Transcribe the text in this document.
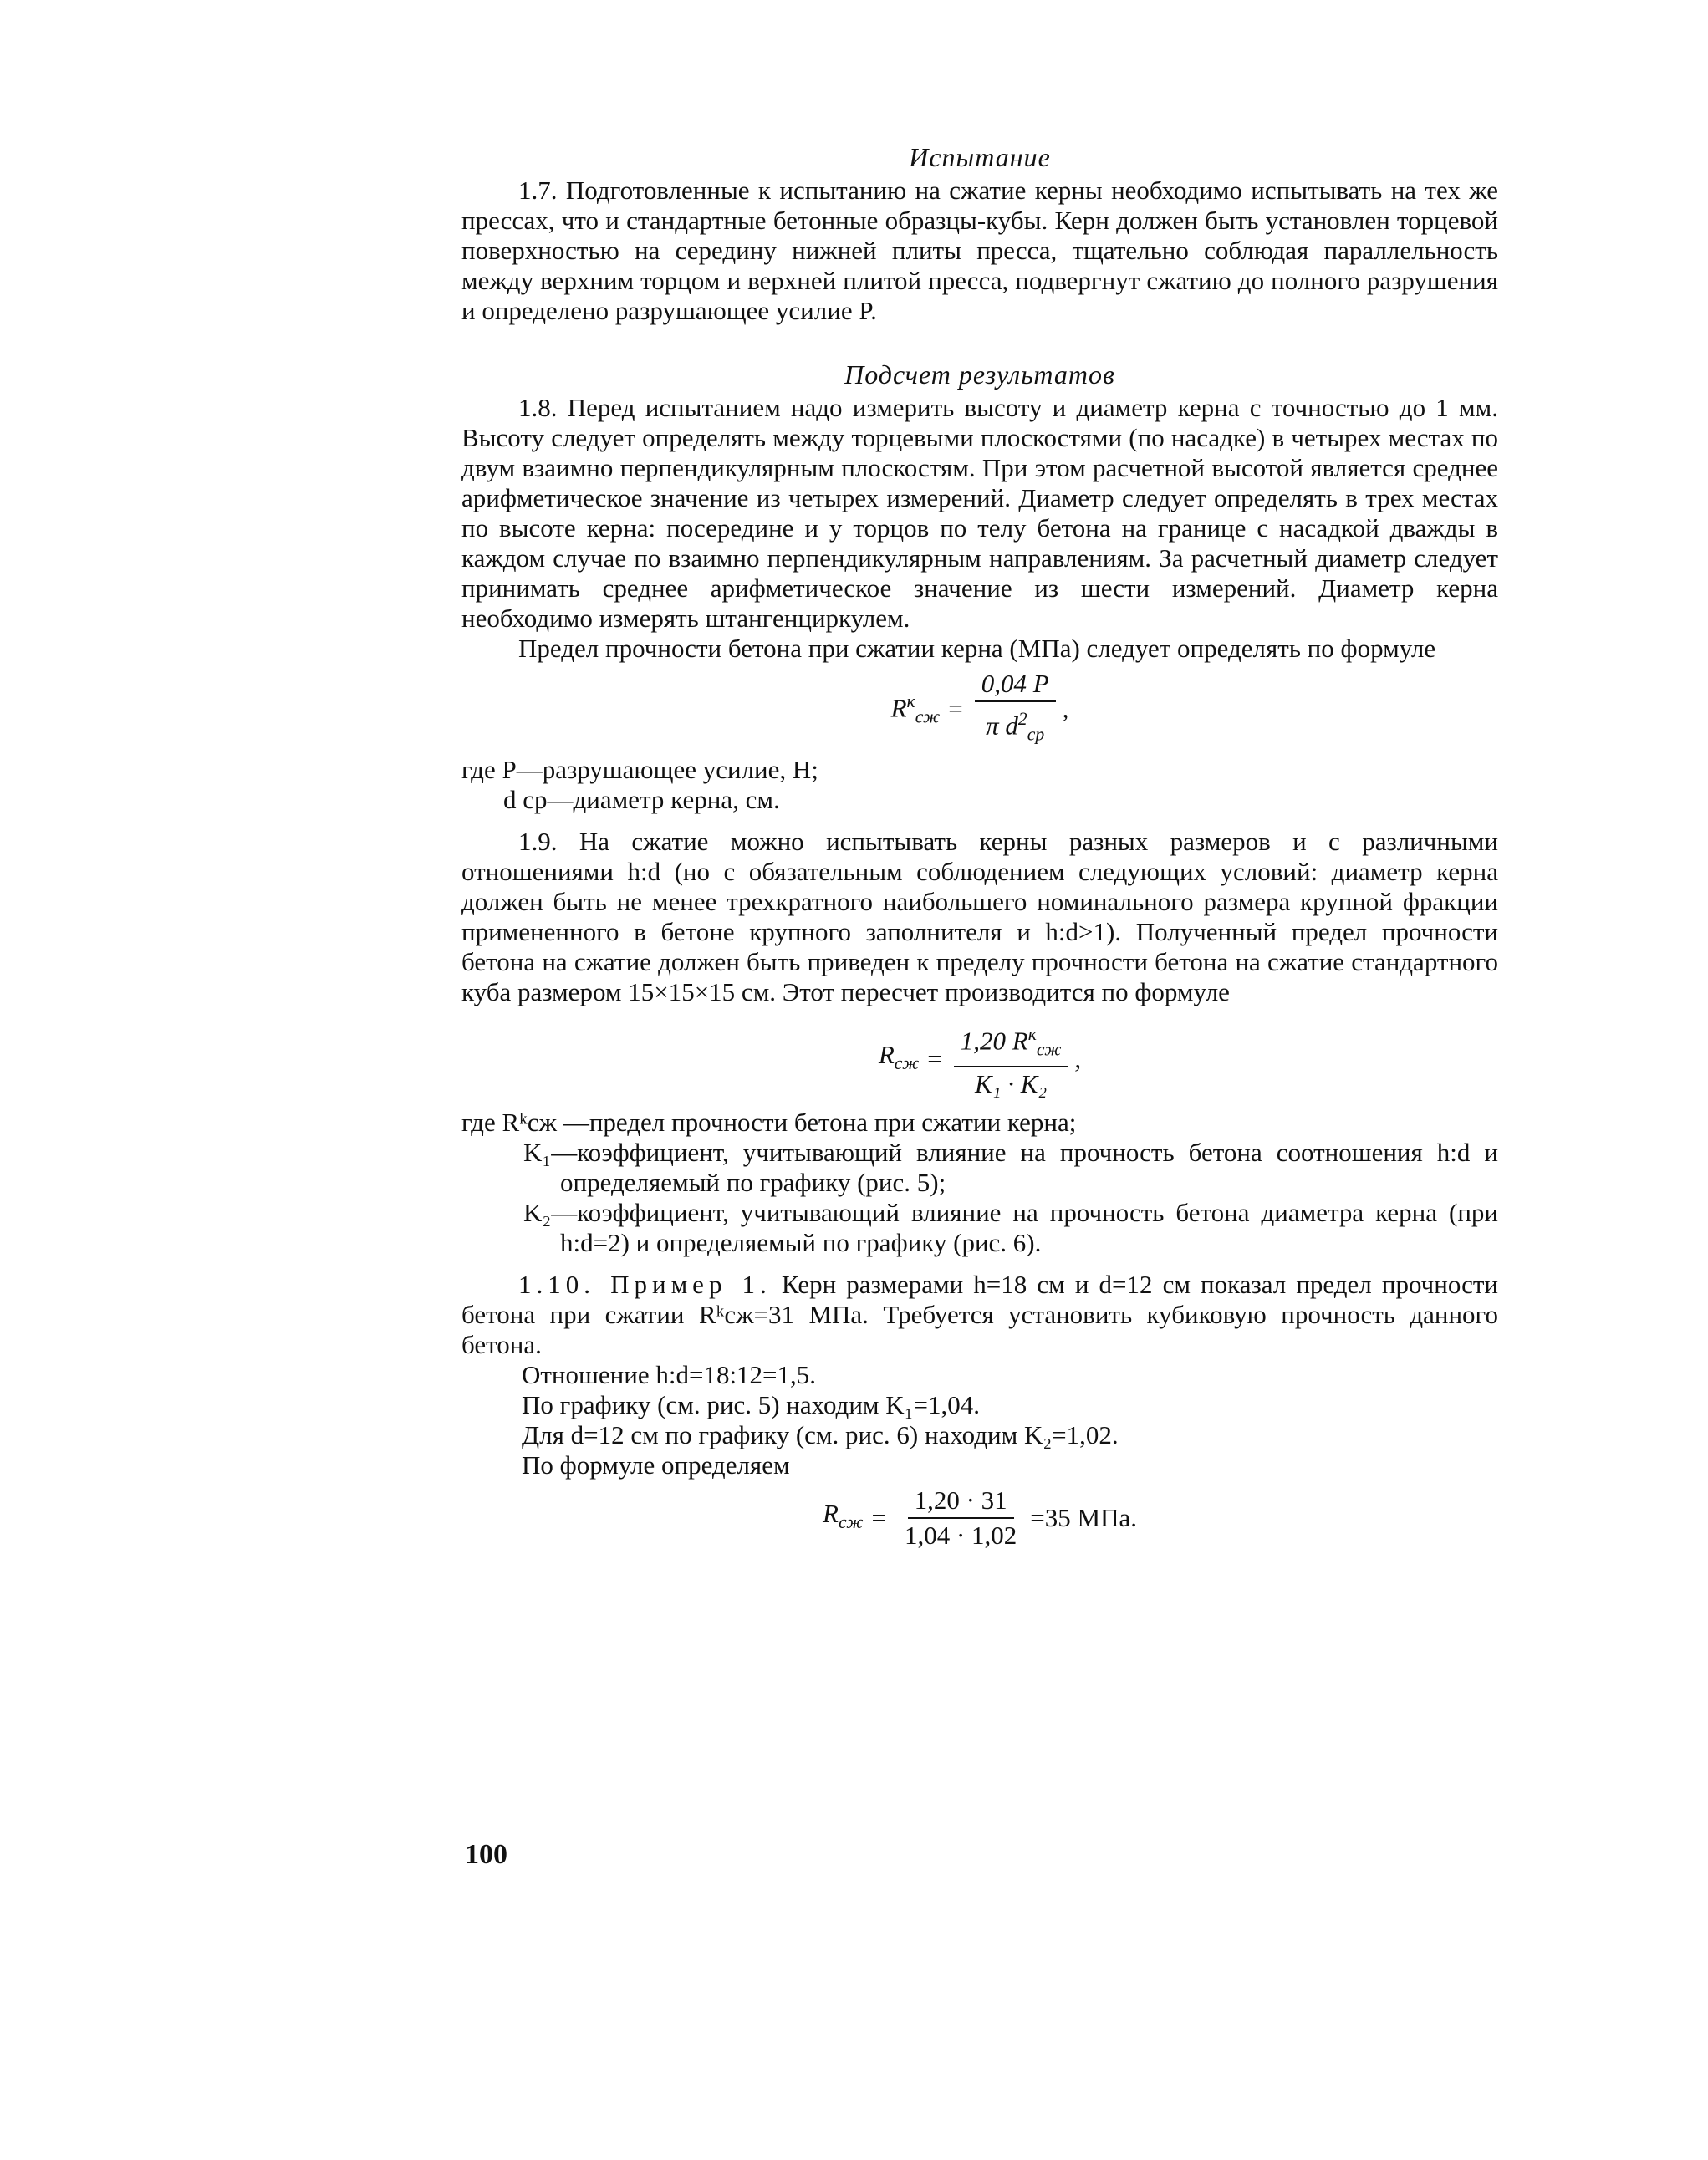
Испытание

1.7. Подготовленные к испытанию на сжатие керны необходимо испытывать на тех же прессах, что и стандартные бетонные образцы-кубы. Керн должен быть установлен торцевой поверхностью на середину нижней плиты пресса, тщательно соблюдая параллельность между верхним торцом и верхней плитой пресса, подвергнут сжатию до полного разрушения и определено разрушающее усилие P.

Подсчет результатов

1.8. Перед испытанием надо измерить высоту и диаметр керна с точностью до 1 мм. Высоту следует определять между торцевыми плоскостями (по насадке) в четырех местах по двум взаимно перпендикулярным плоскостям. При этом расчетной высотой является среднее арифметическое значение из четырех измерений. Диаметр следует определять в трех местах по высоте керна: посередине и у торцов по телу бетона на границе с насадкой дважды в каждом случае по взаимно перпендикулярным направлениям. За расчетный диаметр следует принимать среднее арифметическое значение из шести измерений. Диаметр керна необходимо измерять штангенциркулем.

Предел прочности бетона при сжатии керна (МПа) следует определять по формуле

$R^к_{сж} = \frac{0,04 P}{\pi d^2_{ср}}$ ,

где P—разрушающее усилие, Н;

d ср—диаметр керна, см.

1.9. На сжатие можно испытывать керны разных размеров и с различными отношениями h:d (но с обязательным соблюдением следующих условий: диаметр керна должен быть не менее трехкратного наибольшего номинального размера крупной фракции примененного в бетоне крупного заполнителя и h:d>1). Полученный предел прочности бетона на сжатие должен быть приведен к пределу прочности бетона на сжатие стандартного куба размером 15×15×15 см. Этот пересчет производится по формуле

$R_{сж} = \frac{1,20 R^к_{сж}}{\text{K₁ · K₂}}$ ,

где Rᵏсж —предел прочности бетона при сжатии керна;

K₁—коэффициент, учитывающий влияние на прочность бетона соотношения h:d и определяемый по графику (рис. 5);

K₂—коэффициент, учитывающий влияние на прочность бетона диаметра керна (при h:d=2) и определяемый по графику (рис. 6).

1.10. Пример 1. Керн размерами h=18 см и d=12 см показал предел прочности бетона при сжатии Rᵏсж=31 МПа. Требуется установить кубиковую прочность данного бетона.

Отношение h:d=18:12=1,5.

По графику (см. рис. 5) находим K₁=1,04.

Для d=12 см по графику (см. рис. 6) находим K₂=1,02.

По формуле определяем

$R_{сж} = \frac{1,20 \cdot 31}{1,04 \cdot 1,02} =35$ МПа.
100
